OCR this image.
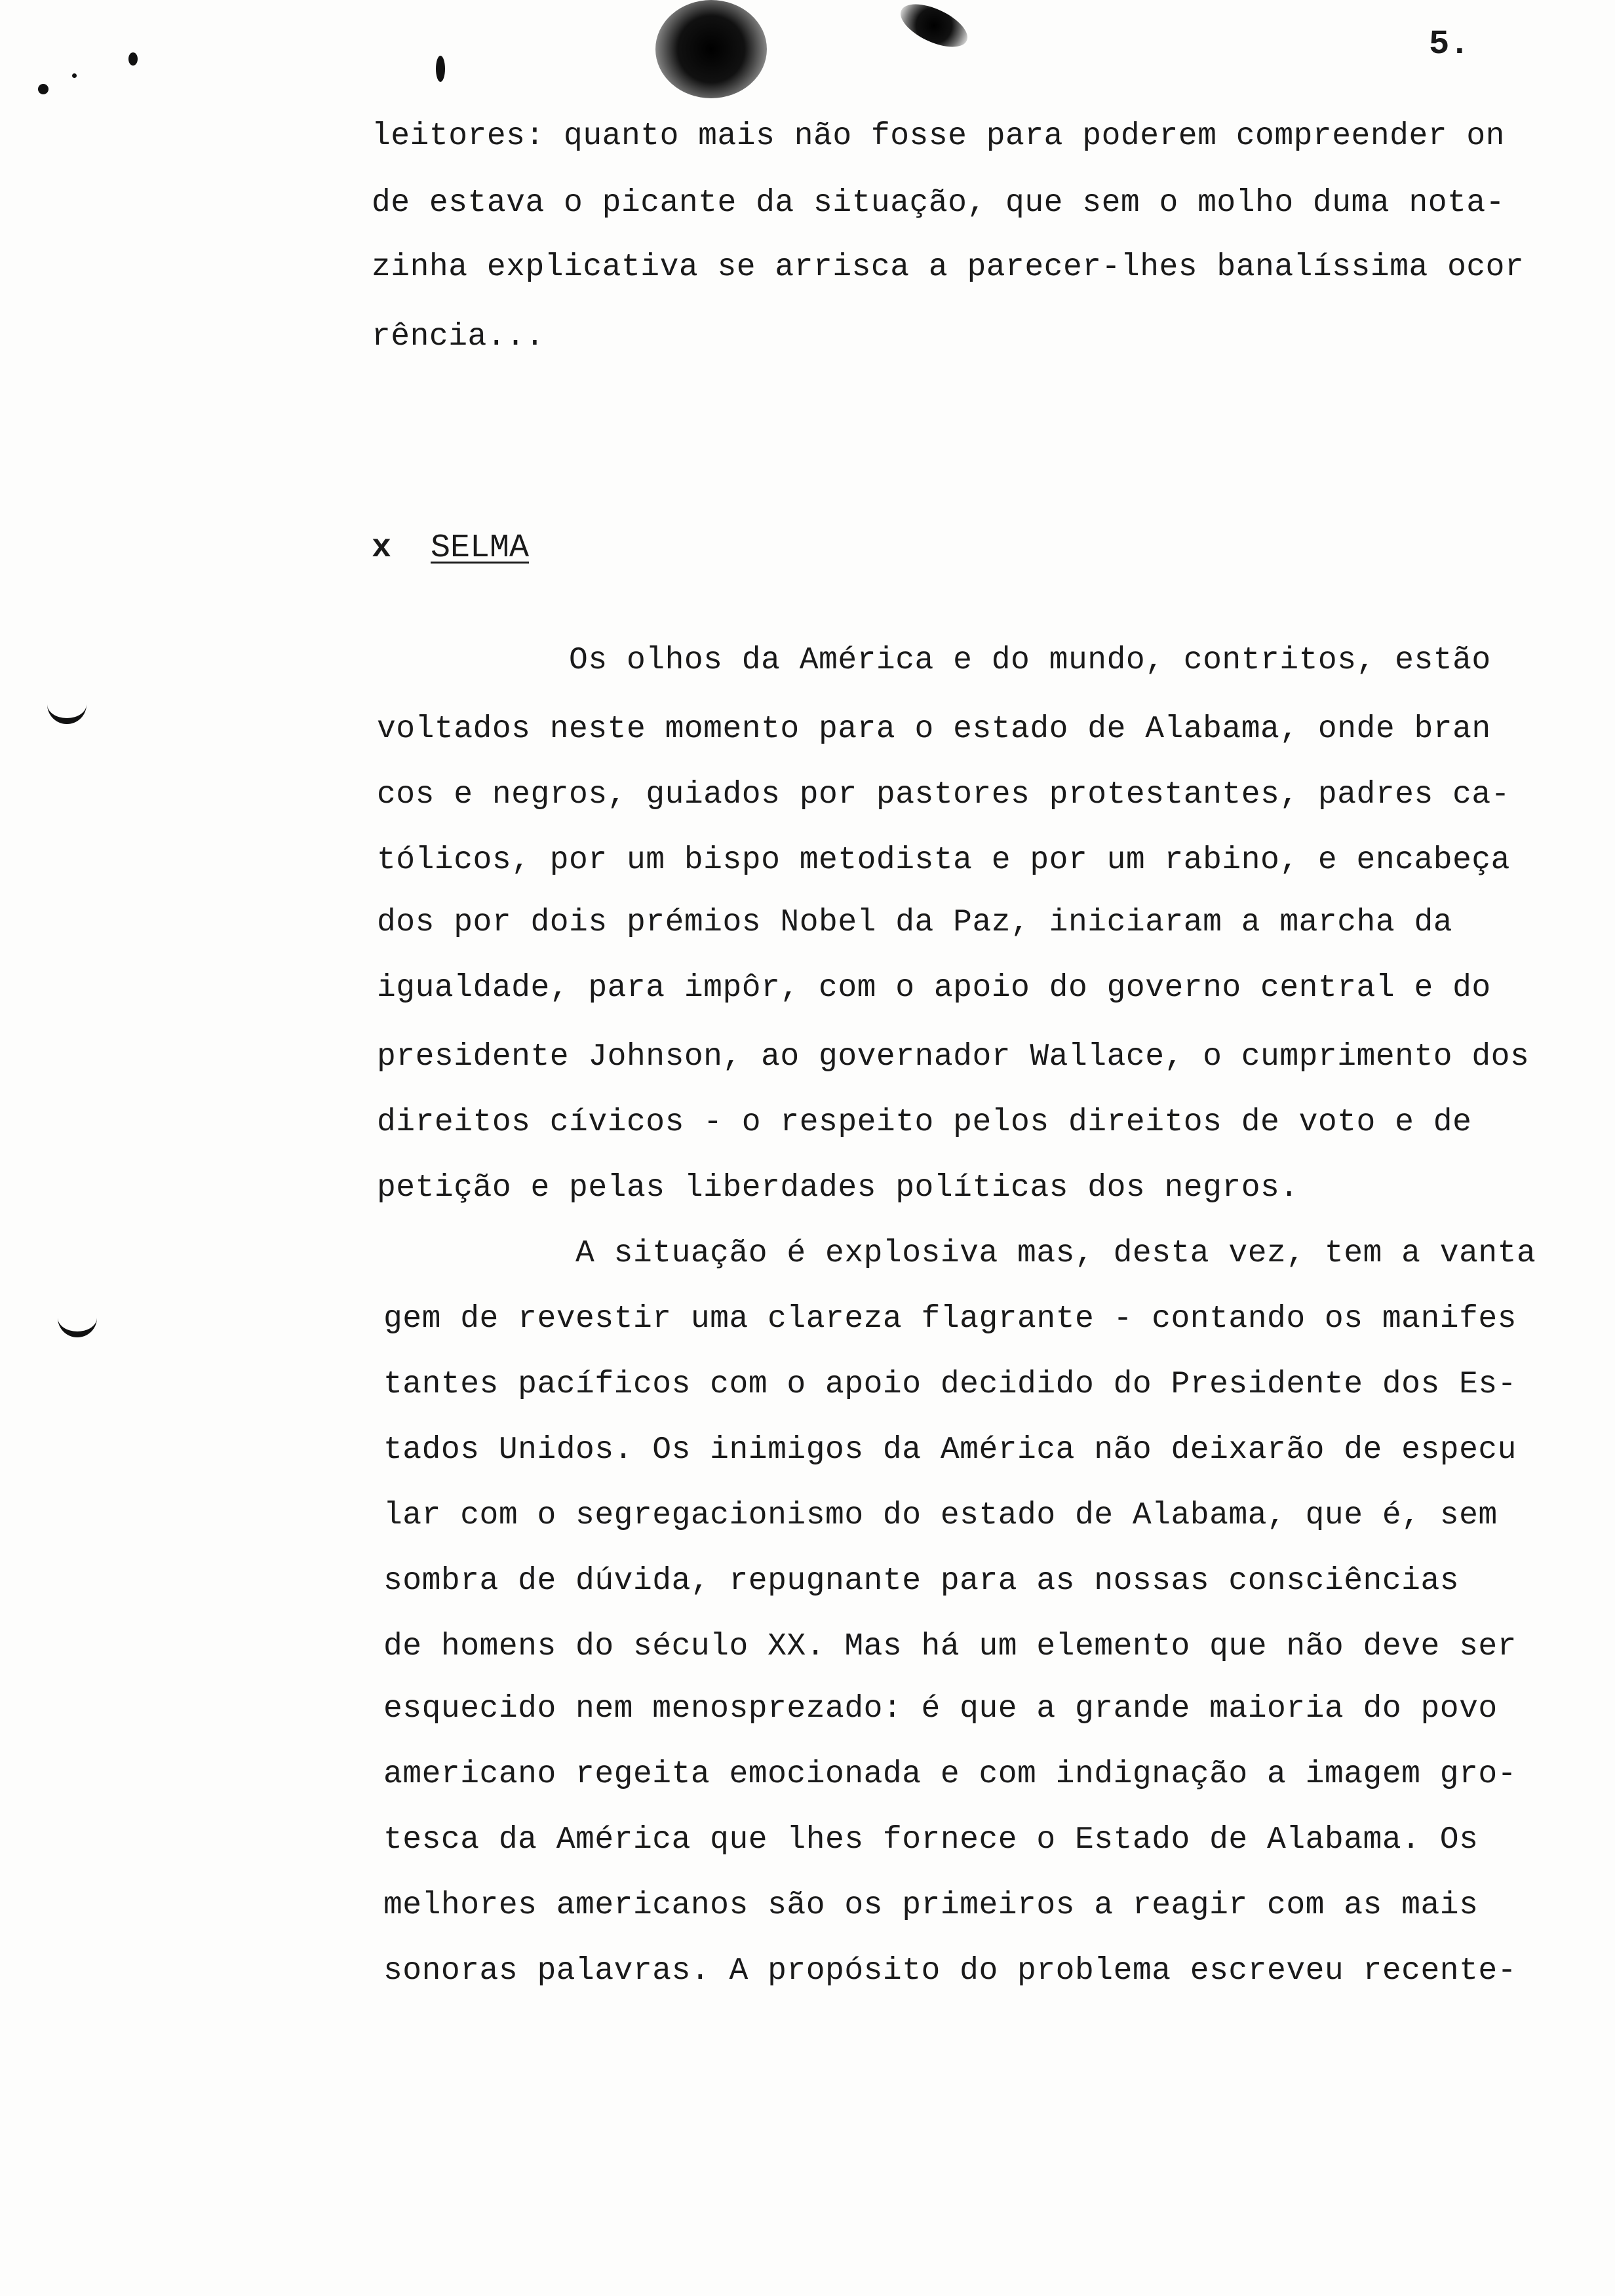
5.
leitores: quanto mais não fosse para poderem compreender on
de estava o picante da situação, que sem o molho duma nota-
zinha explicativa se arrisca a parecer-lhes banalíssima ocor
rência...
x SELMA
Os olhos da América e do mundo, contritos, estão
voltados neste momento para o estado de Alabama, onde bran
cos e negros, guiados por pastores protestantes, padres ca-
tólicos, por um bispo metodista e por um rabino, e encabeça
dos por dois prémios Nobel da Paz, iniciaram a marcha da
igualdade, para impôr, com o apoio do governo central e do
presidente Johnson, ao governador Wallace, o cumprimento dos
direitos cívicos - o respeito pelos direitos de voto e de
petição e pelas liberdades políticas dos negros.
A situação é explosiva mas, desta vez, tem a vanta
gem de revestir uma clareza flagrante - contando os manifes
tantes pacíficos com o apoio decidido do Presidente dos Es-
tados Unidos. Os inimigos da América não deixarão de especu
lar com o segregacionismo do estado de Alabama, que é, sem
sombra de dúvida, repugnante para as nossas consciências
de homens do século XX. Mas há um elemento que não deve ser
esquecido nem menosprezado: é que a grande maioria do povo
americano regeita emocionada e com indignação a imagem gro-
tesca da América que lhes fornece o Estado de Alabama. Os
melhores americanos são os primeiros a reagir com as mais
sonoras palavras. A propósito do problema escreveu recente-
